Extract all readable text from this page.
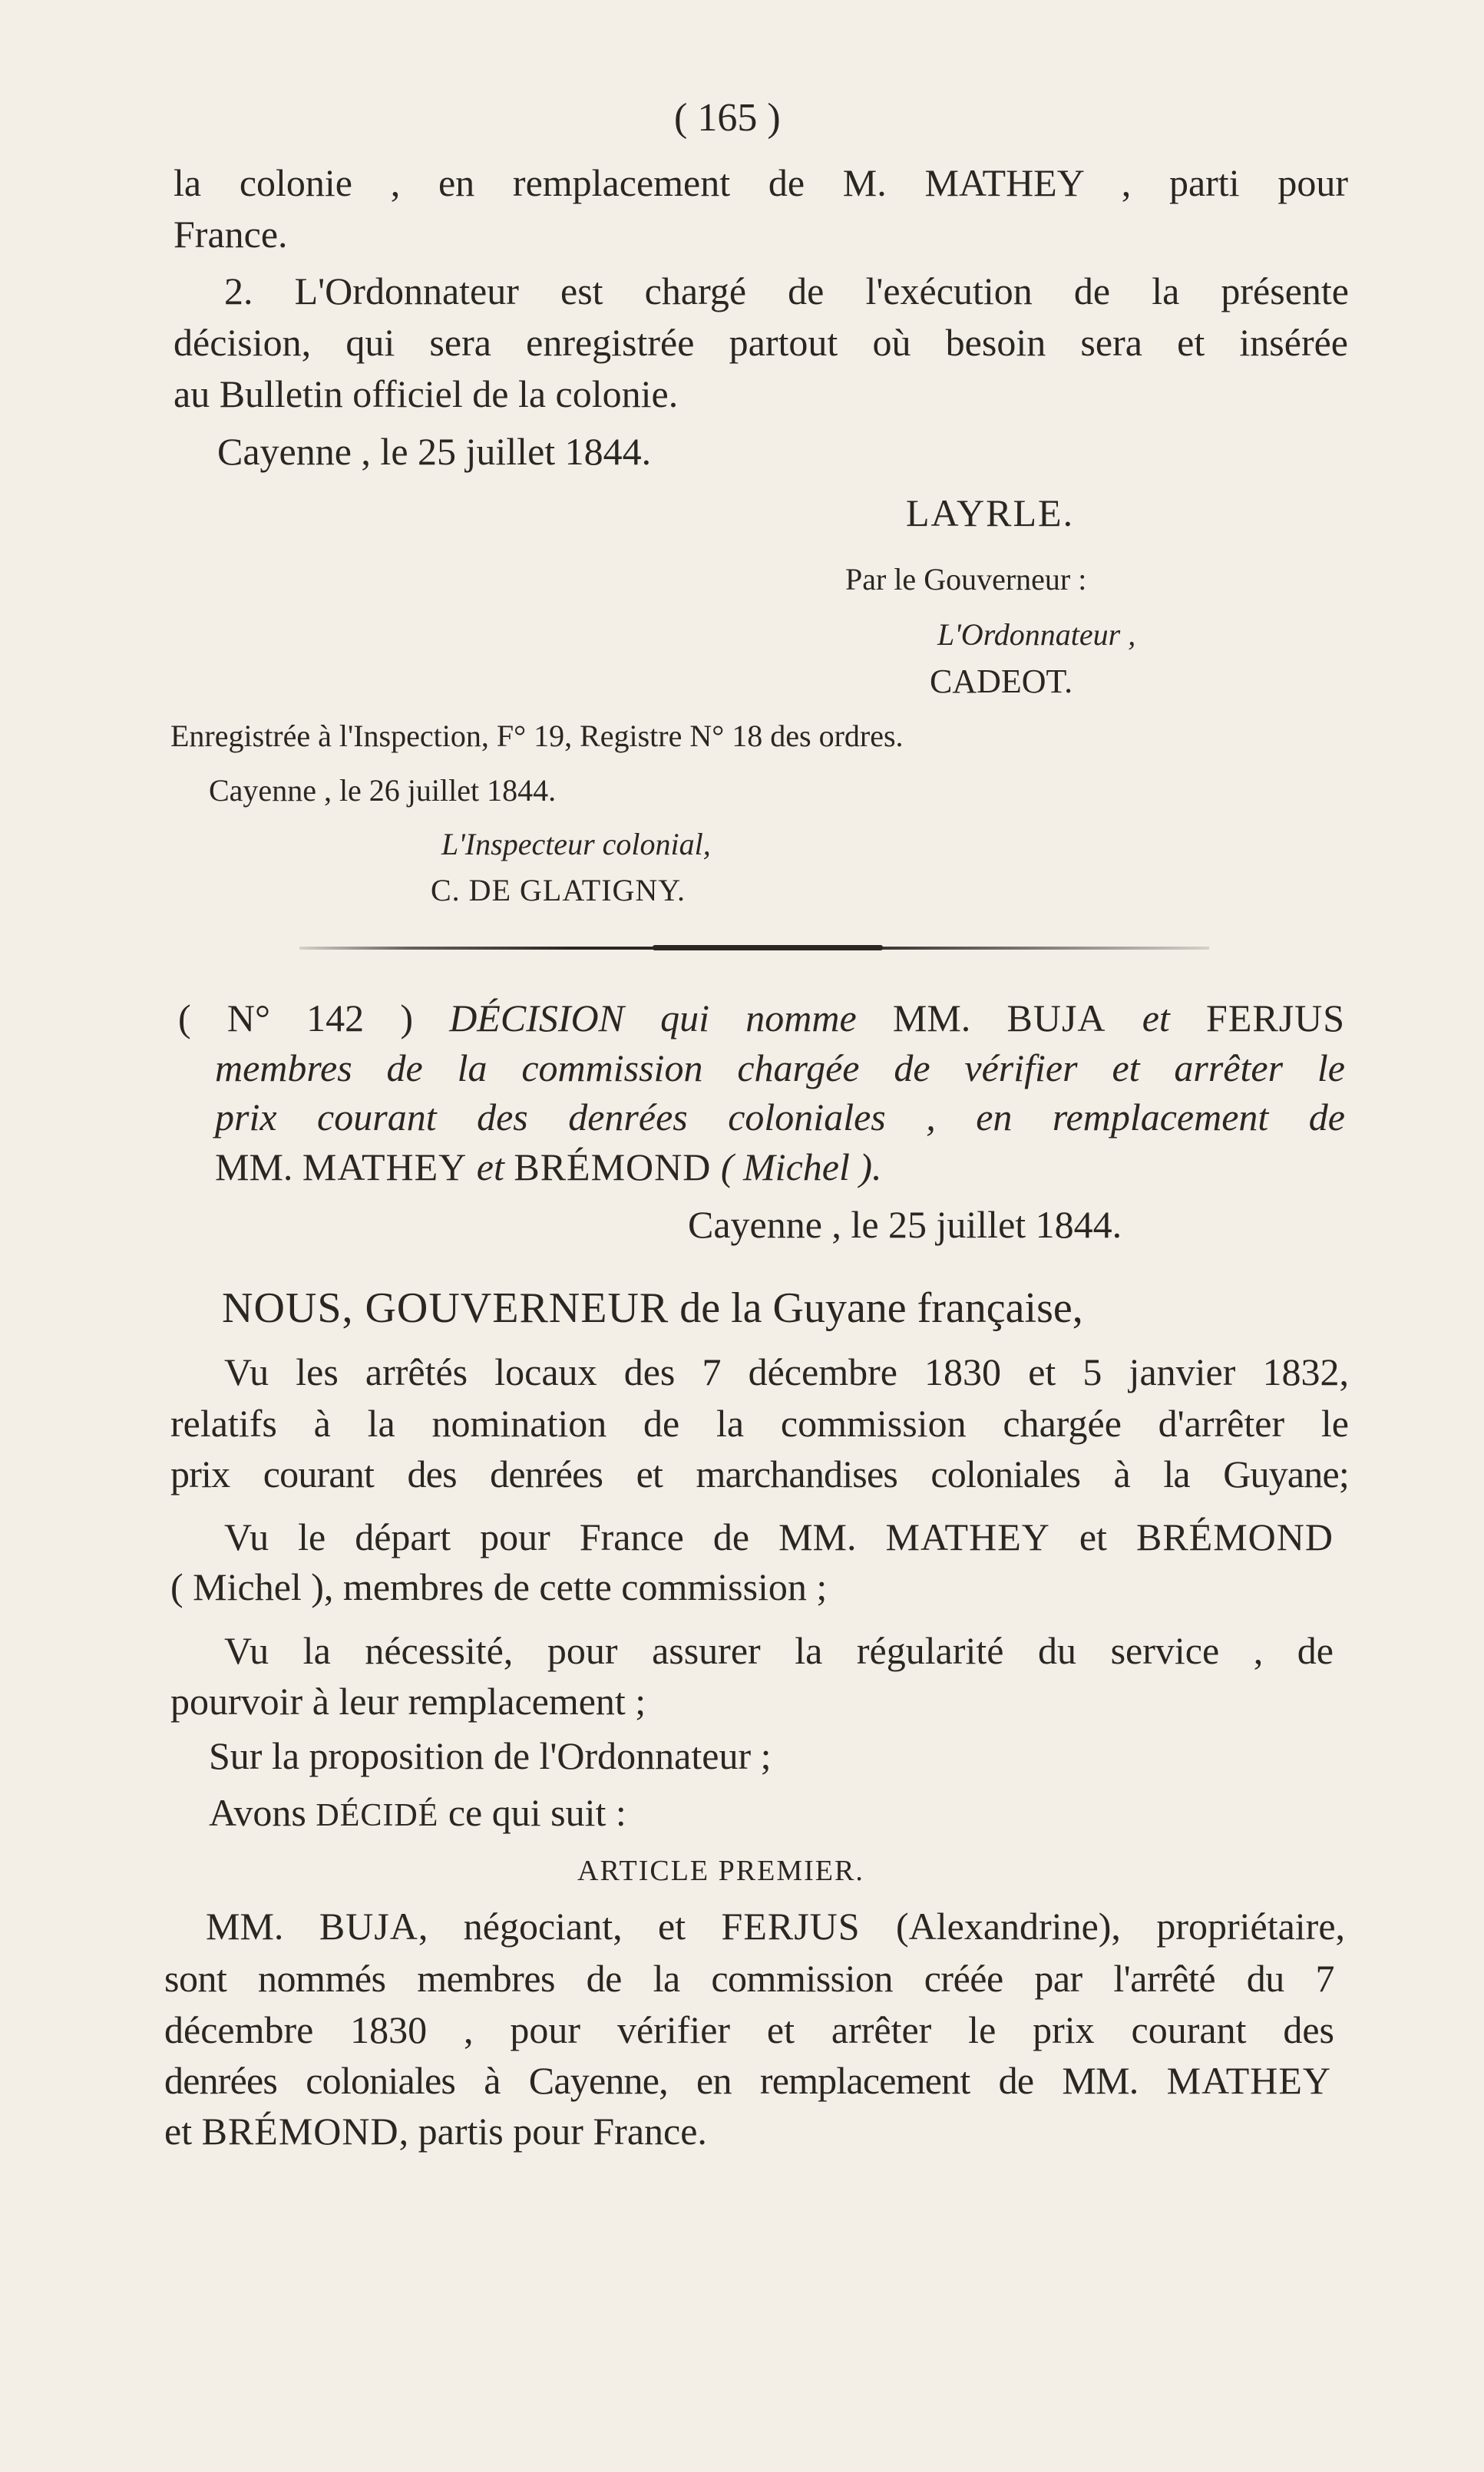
( 165 )
la colonie , en remplacement de M. MATHEY , parti pour
France.
2. L'Ordonnateur est chargé de l'exécution de la présente
décision, qui sera enregistrée partout où besoin sera et insérée
au Bulletin officiel de la colonie.
Cayenne , le 25 juillet 1844.
LAYRLE.
Par le Gouverneur :
L'Ordonnateur ,
CADEOT.
Enregistrée à l'Inspection, F° 19, Registre N° 18 des ordres.
Cayenne , le 26 juillet 1844.
L'Inspecteur colonial,
C. DE GLATIGNY.
( N° 142 ) DÉCISION qui nomme MM. BUJA et FERJUS
membres de la commission chargée de vérifier et arrêter le
prix courant des denrées coloniales , en remplacement de
MM. MATHEY et BRÉMOND ( Michel ).
Cayenne , le 25 juillet 1844.
NOUS, GOUVERNEUR de la Guyane française,
Vu les arrêtés locaux des 7 décembre 1830 et 5 janvier 1832,
relatifs à la nomination de la commission chargée d'arrêter le
prix courant des denrées et marchandises coloniales à la Guyane;
Vu le départ pour France de MM. MATHEY et BRÉMOND
( Michel ), membres de cette commission ;
Vu la nécessité, pour assurer la régularité du service , de
pourvoir à leur remplacement ;
Sur la proposition de l'Ordonnateur ;
Avons DÉCIDÉ ce qui suit :
ARTICLE PREMIER.
MM. BUJA, négociant, et FERJUS (Alexandrine), propriétaire,
sont nommés membres de la commission créée par l'arrêté du 7
décembre 1830 , pour vérifier et arrêter le prix courant des
denrées coloniales à Cayenne, en remplacement de MM. MATHEY
et BRÉMOND, partis pour France.
